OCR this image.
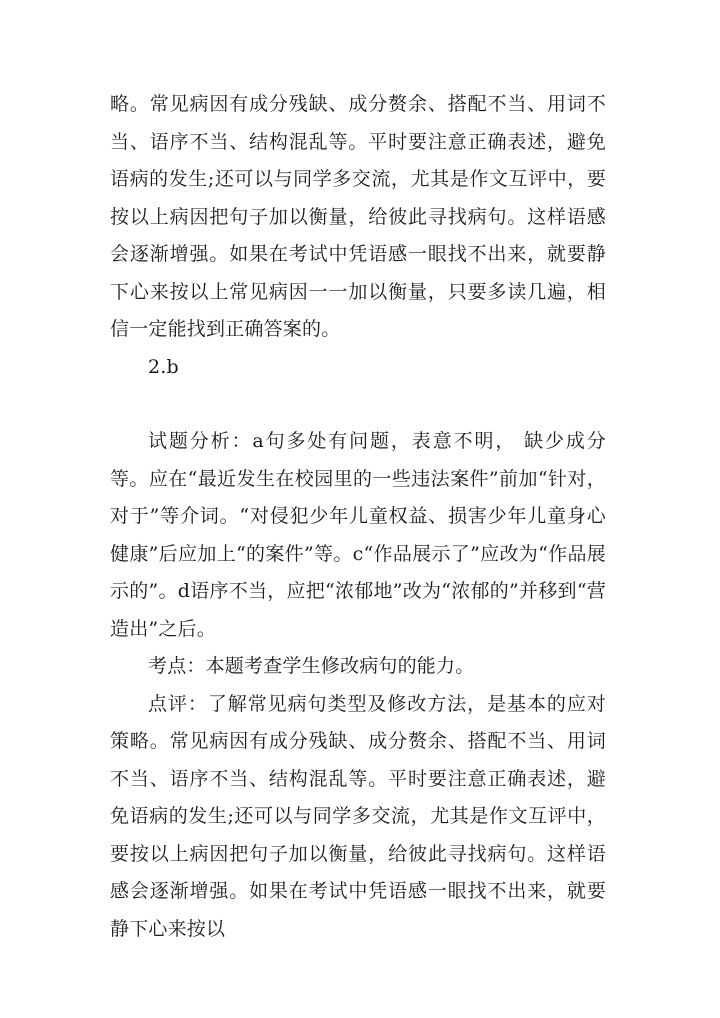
略。常见病因有成分残缺、成分赘余、搭配不当、用词不当、语序不当、结构混乱等。平时要注意正确表述，避免语病的发生;还可以与同学多交流，尤其是作文互评中，要按以上病因把句子加以衡量，给彼此寻找病句。这样语感会逐渐增强。如果在考试中凭语感一眼找不出来，就要静下心来按以上常见病因一一加以衡量，只要多读几遍，相信一定能找到正确答案的。

2.b

试题分析：a句多处有问题，表意不明， 缺少成分等。应在“最近发生在校园里的一些违法案件”前加“针对，对于”等介词。“对侵犯少年儿童权益、损害少年儿童身心健康”后应加上“的案件”等。c“作品展示了”应改为“作品展示的”。d语序不当，应把“浓郁地”改为“浓郁的”并移到“营造出”之后。

考点：本题考查学生修改病句的能力。

点评：了解常见病句类型及修改方法，是基本的应对策略。常见病因有成分残缺、成分赘余、搭配不当、用词不当、语序不当、结构混乱等。平时要注意正确表述，避免语病的发生;还可以与同学多交流，尤其是作文互评中，要按以上病因把句子加以衡量，给彼此寻找病句。这样语感会逐渐增强。如果在考试中凭语感一眼找不出来，就要静下心来按以
